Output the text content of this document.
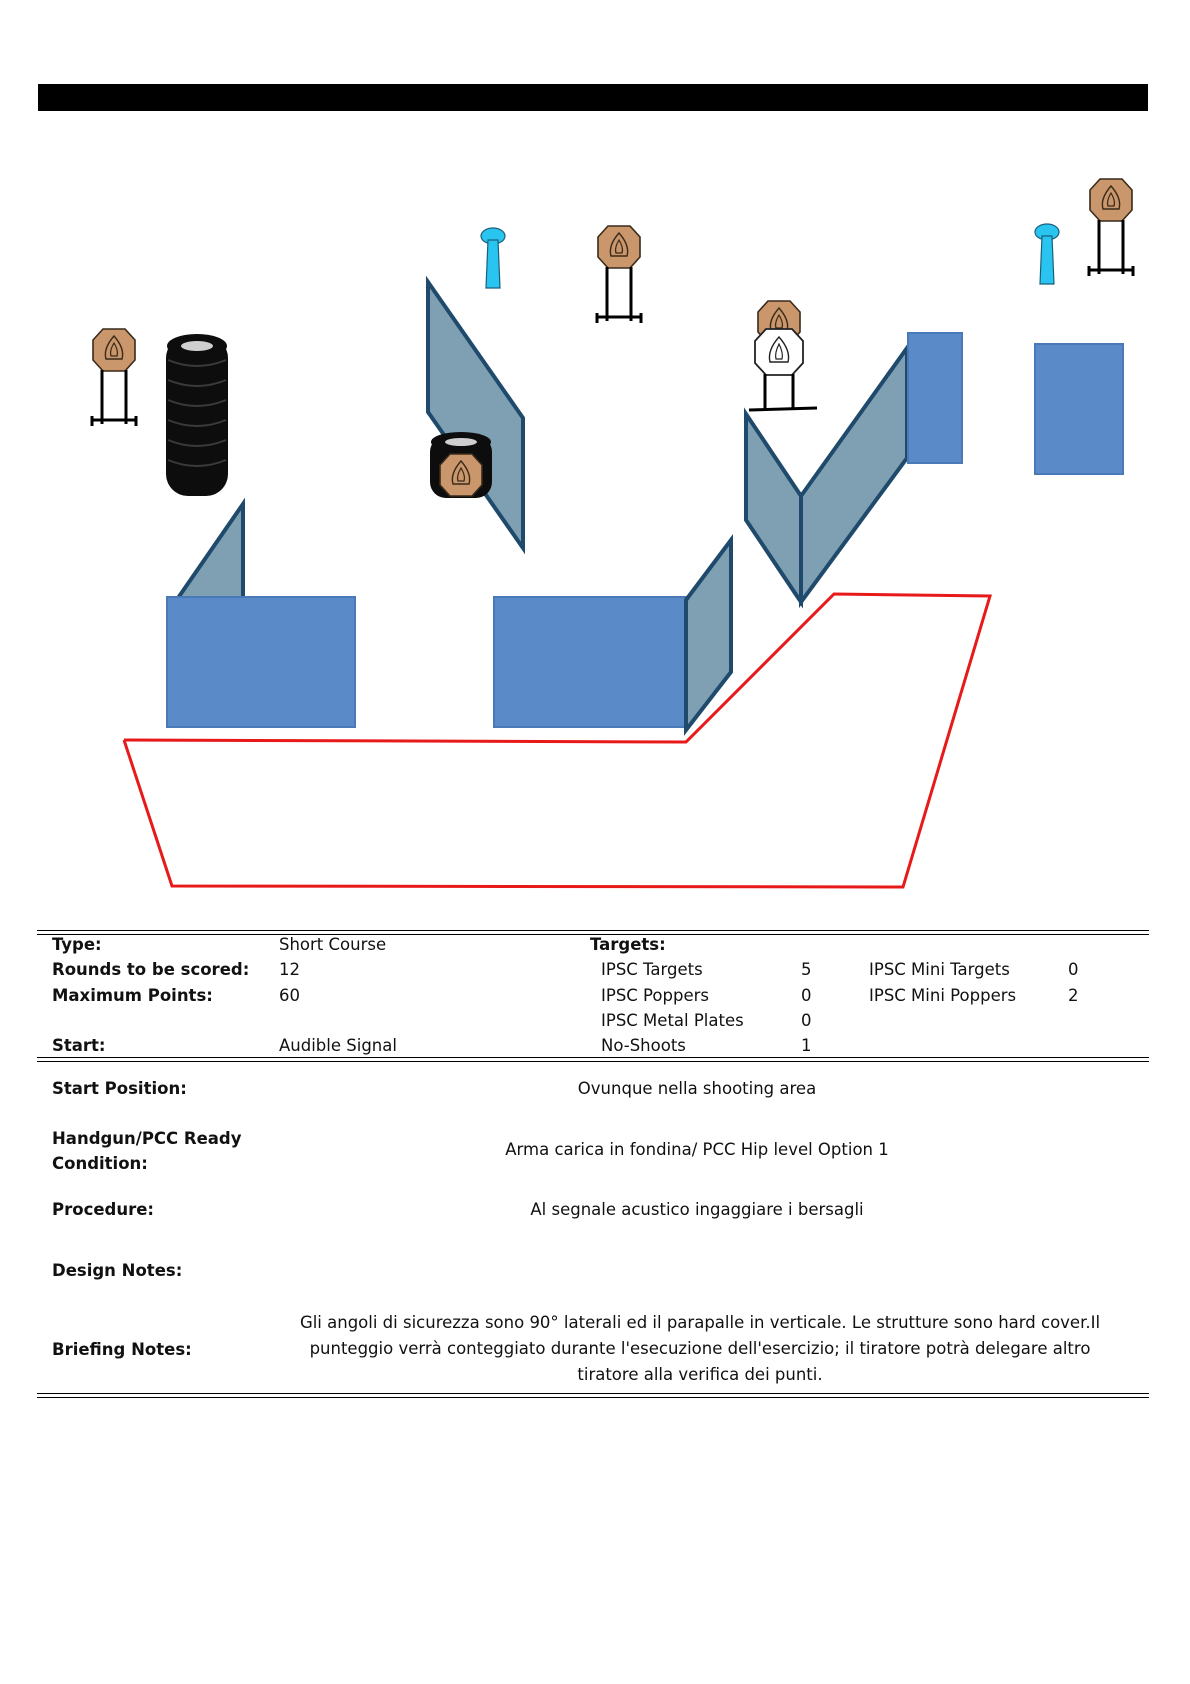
Type:	Short Course	Targets:
Rounds to be scored: 12	IPSC Targets	5	IPSC Mini Targets	0
Maximum Points:	60	IPSC Poppers	0	IPSC Mini Poppers	2
IPSC Metal Plates	0
Start:	Audible Signal	No-Shoots	1
Start Position:	Ovunque nella shooting area
Handgun/PCC Ready
Condition:
Arma carica in fondina/ PCC Hip level Option 1
Procedure:	Al segnale acustico ingaggiare i bersagli
Design Notes:
Briefing Notes:
Gli angoli di sicurezza sono 90° laterali ed il parapalle in verticale. Le strutture sono hard cover.Il punteggio verrà conteggiato durante l'esecuzione dell'esercizio; il tiratore potrà delegare altro tiratore alla verifica dei punti.
